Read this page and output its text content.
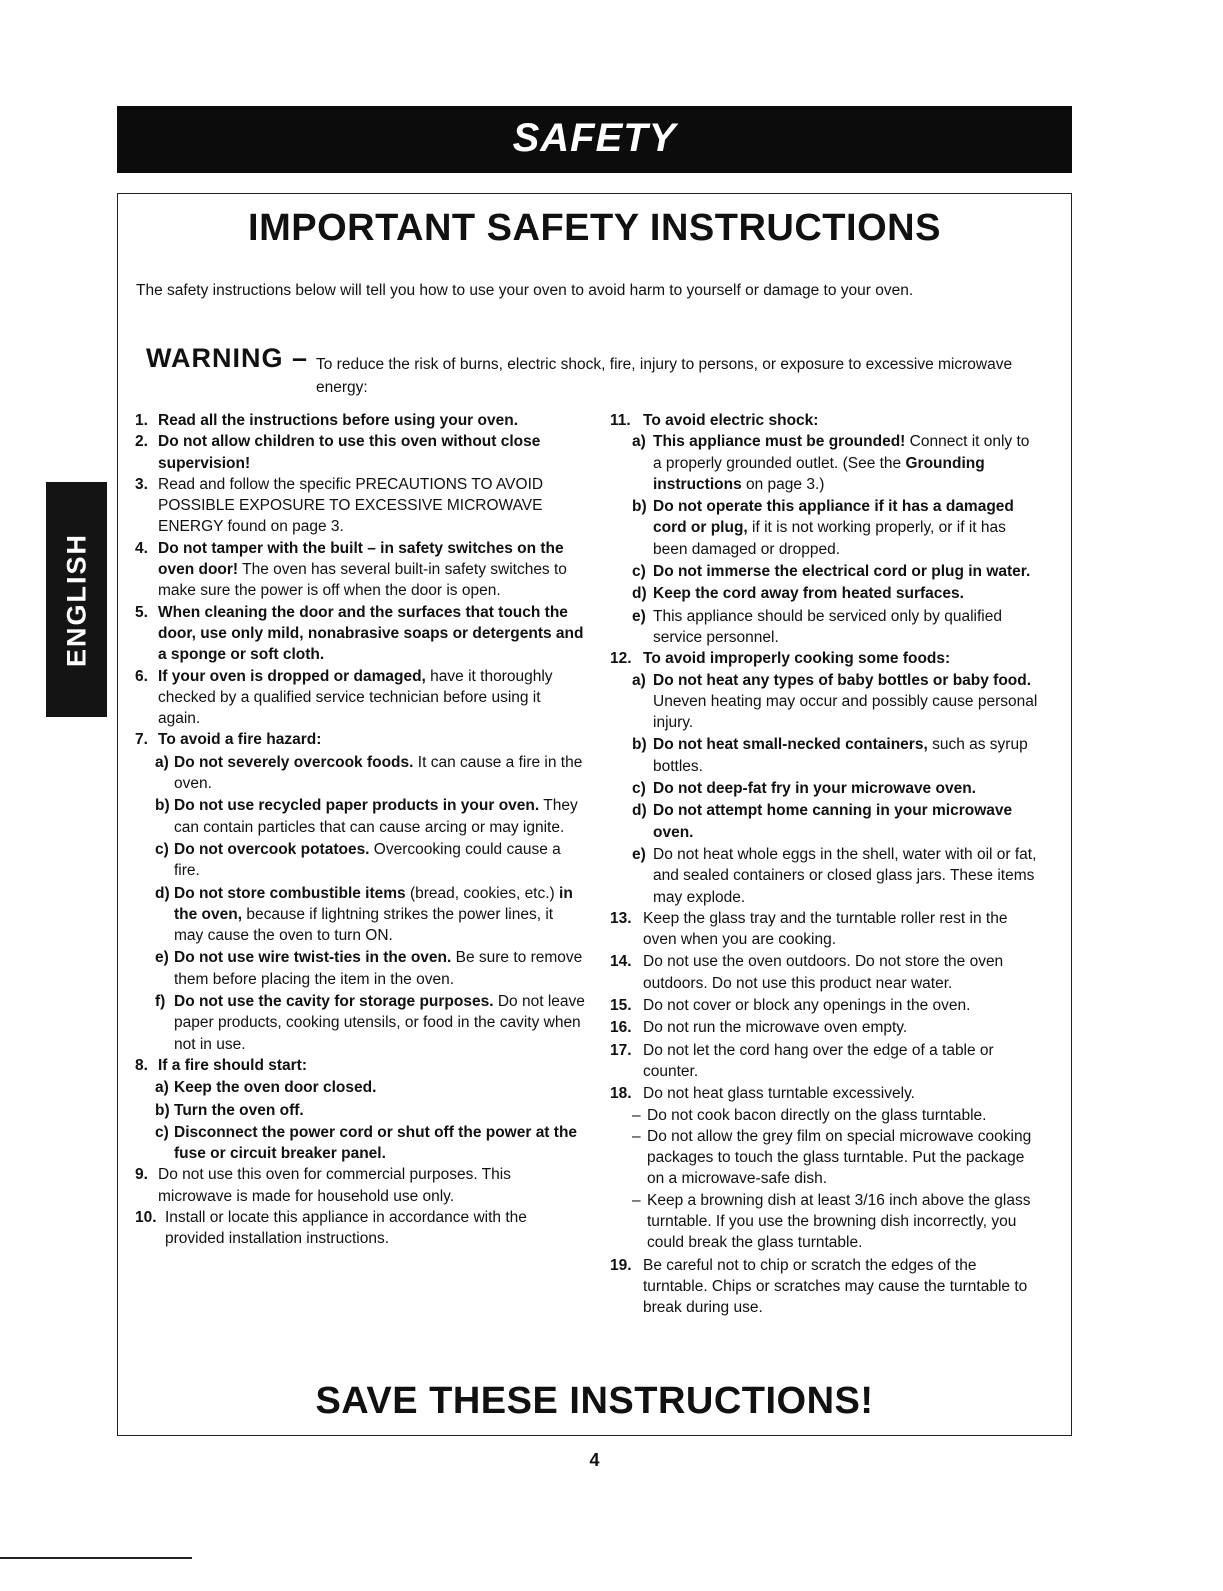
SAFETY
ENGLISH
IMPORTANT SAFETY INSTRUCTIONS
The safety instructions below will tell you how to use your oven to avoid harm to yourself or damage to your oven.
WARNING – To reduce the risk of burns, electric shock, fire, injury to persons, or exposure to excessive microwave energy:
1. Read all the instructions before using your oven.
2. Do not allow children to use this oven without close supervision!
3. Read and follow the specific PRECAUTIONS TO AVOID POSSIBLE EXPOSURE TO EXCESSIVE MICROWAVE ENERGY found on page 3.
4. Do not tamper with the built – in safety switches on the oven door! The oven has several built-in safety switches to make sure the power is off when the door is open.
5. When cleaning the door and the surfaces that touch the door, use only mild, nonabrasive soaps or detergents and a sponge or soft cloth.
6. If your oven is dropped or damaged, have it thoroughly checked by a qualified service technician before using it again.
7. To avoid a fire hazard:
a) Do not severely overcook foods. It can cause a fire in the oven.
b) Do not use recycled paper products in your oven. They can contain particles that can cause arcing or may ignite.
c) Do not overcook potatoes. Overcooking could cause a fire.
d) Do not store combustible items (bread, cookies, etc.) in the oven, because if lightning strikes the power lines, it may cause the oven to turn ON.
e) Do not use wire twist-ties in the oven. Be sure to remove them before placing the item in the oven.
f) Do not use the cavity for storage purposes. Do not leave paper products, cooking utensils, or food in the cavity when not in use.
8. If a fire should start:
a) Keep the oven door closed.
b) Turn the oven off.
c) Disconnect the power cord or shut off the power at the fuse or circuit breaker panel.
9. Do not use this oven for commercial purposes. This microwave is made for household use only.
10. Install or locate this appliance in accordance with the provided installation instructions.
11. To avoid electric shock:
a) This appliance must be grounded! Connect it only to a properly grounded outlet. (See the Grounding instructions on page 3.)
b) Do not operate this appliance if it has a damaged cord or plug, if it is not working properly, or if it has been damaged or dropped.
c) Do not immerse the electrical cord or plug in water.
d) Keep the cord away from heated surfaces.
e) This appliance should be serviced only by qualified service personnel.
12. To avoid improperly cooking some foods:
a) Do not heat any types of baby bottles or baby food. Uneven heating may occur and possibly cause personal injury.
b) Do not heat small-necked containers, such as syrup bottles.
c) Do not deep-fat fry in your microwave oven.
d) Do not attempt home canning in your microwave oven.
e) Do not heat whole eggs in the shell, water with oil or fat, and sealed containers or closed glass jars. These items may explode.
13. Keep the glass tray and the turntable roller rest in the oven when you are cooking.
14. Do not use the oven outdoors. Do not store the oven outdoors. Do not use this product near water.
15. Do not cover or block any openings in the oven.
16. Do not run the microwave oven empty.
17. Do not let the cord hang over the edge of a table or counter.
18. Do not heat glass turntable excessively.
– Do not cook bacon directly on the glass turntable.
– Do not allow the grey film on special microwave cooking packages to touch the glass turntable. Put the package on a microwave-safe dish.
– Keep a browning dish at least 3/16 inch above the glass turntable. If you use the browning dish incorrectly, you could break the glass turntable.
19. Be careful not to chip or scratch the edges of the turntable. Chips or scratches may cause the turntable to break during use.
SAVE THESE INSTRUCTIONS!
4
